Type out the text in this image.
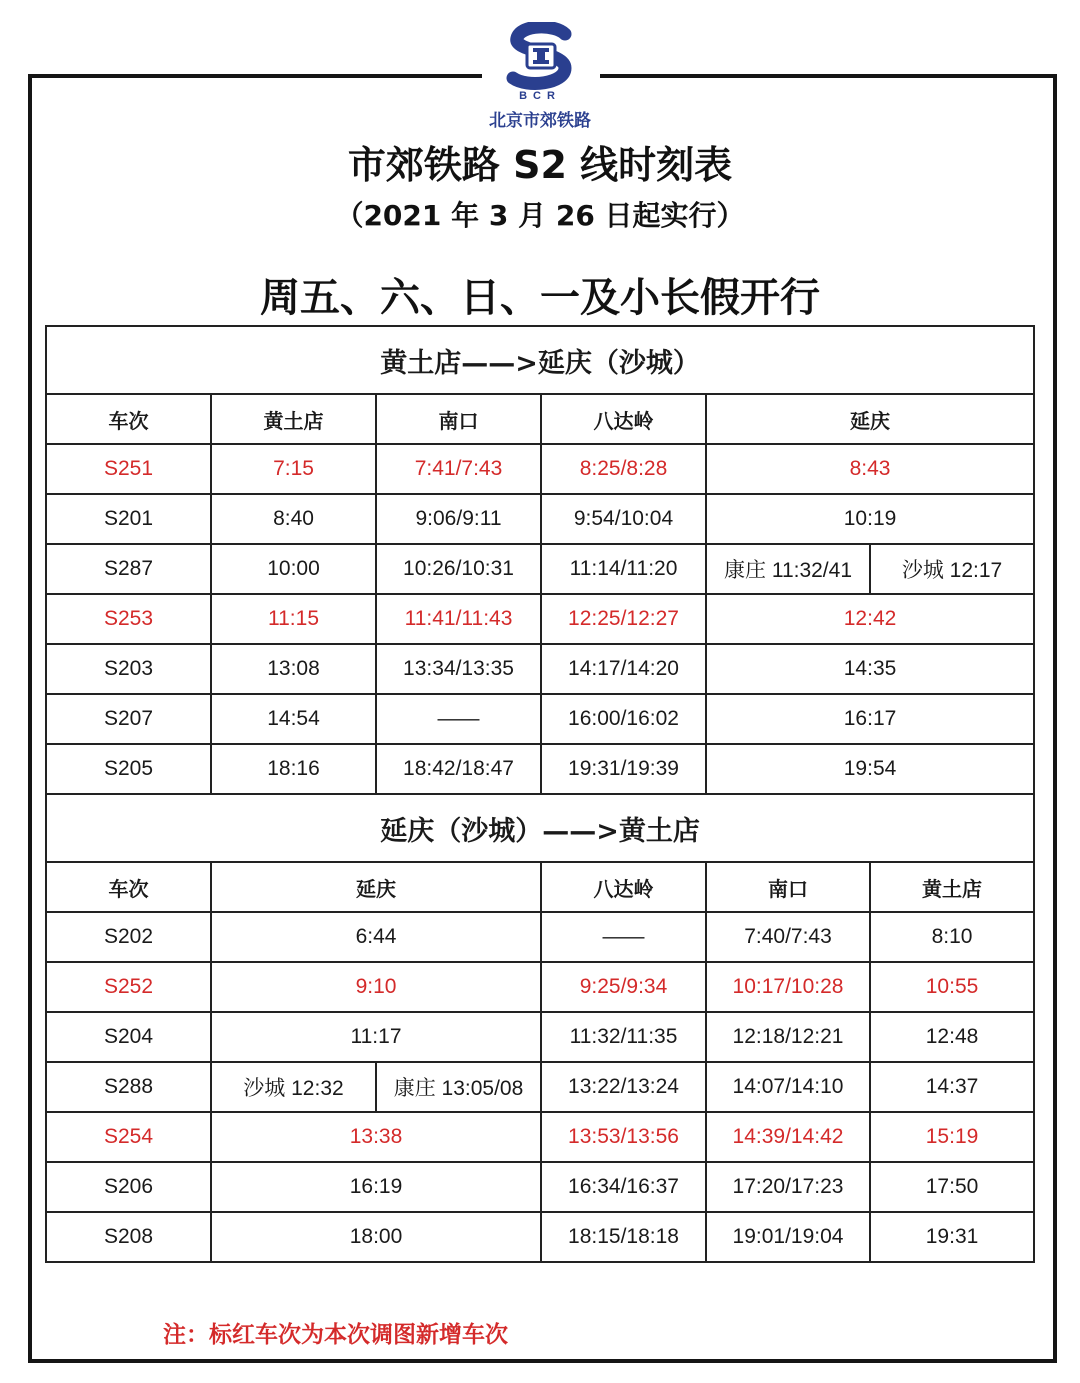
BCR
北京市郊铁路
市郊铁路 S2 线时刻表
（2021 年 3 月 26 日起实行）
周五、六、日、一及小长假开行
黄土店——>延庆（沙城）					
车次	黄土店	南口	八达岭	延庆	
S251	7:15	7:41/7:43	8:25/8:28	8:43	
S201	8:40	9:06/9:11	9:54/10:04	10:19	
S287	10:00	10:26/10:31	11:14/11:20	康庄 11:32/41	沙城 12:17
S253	11:15	11:41/11:43	12:25/12:27	12:42	
S203	13:08	13:34/13:35	14:17/14:20	14:35	
S207	14:54	——	16:00/16:02	16:17	
S205	18:16	18:42/18:47	19:31/19:39	19:54	
延庆（沙城）——>黄土店					
车次	延庆		八达岭	南口	黄土店
S202	6:44		——	7:40/7:43	8:10
S252	9:10		9:25/9:34	10:17/10:28	10:55
S204	11:17		11:32/11:35	12:18/12:21	12:48
S288	沙城 12:32	康庄 13:05/08	13:22/13:24	14:07/14:10	14:37
S254	13:38		13:53/13:56	14:39/14:42	15:19
S206	16:19		16:34/16:37	17:20/17:23	17:50
S208	18:00		18:15/18:18	19:01/19:04	19:31
注：标红车次为本次调图新增车次
